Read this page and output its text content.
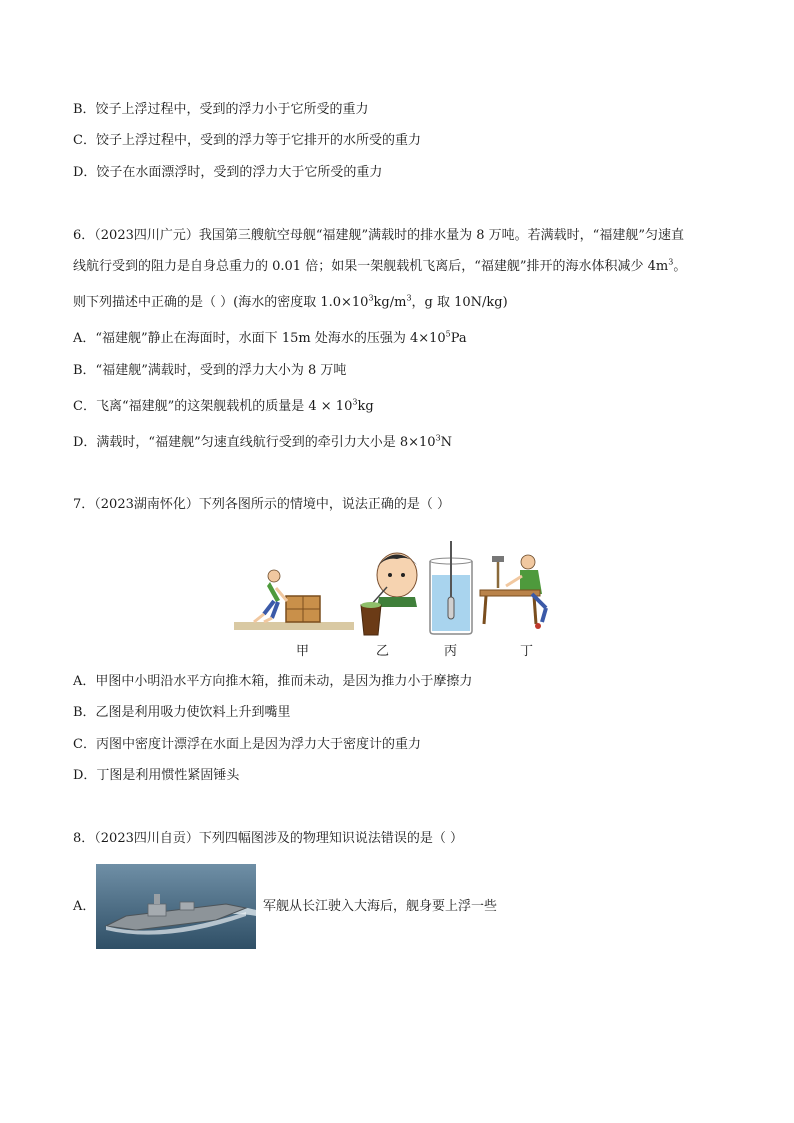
B．饺子上浮过程中，受到的浮力小于它所受的重力
C．饺子上浮过程中，受到的浮力等于它排开的水所受的重力
D．饺子在水面漂浮时，受到的浮力大于它所受的重力
6．（2023四川广元）我国第三艘航空母舰“福建舰”满载时的排水量为 8 万吨。若满载时，“福建舰”匀速直
线航行受到的阻力是自身总重力的 0.01 倍；如果一架舰载机飞离后，“福建舰”排开的海水体积减少 $4m^3$。
则下列描述中正确的是（ ）(海水的密度取 $1.0\times 10^3kg/m^3$，g 取 10N/kg)
A．“福建舰”静止在海面时，水面下 15m 处海水的压强为 $4\times 10^5Pa$
B．“福建舰”满载时，受到的浮力大小为 8 万吨
C．飞离“福建舰”的这架舰载机的质量是 $4 \times 10^3kg$
D．满载时，“福建舰”匀速直线航行受到的牵引力大小是 $8\times 10^3N$
7．（2023湖南怀化）下列各图所示的情境中，说法正确的是（ ）
甲	乙	丙	丁
A．甲图中小明沿水平方向推木箱，推而未动，是因为推力小于摩擦力
B．乙图是利用吸力使饮料上升到嘴里
C．丙图中密度计漂浮在水面上是因为浮力大于密度计的重力
D．丁图是利用惯性紧固锤头
8．（2023四川自贡）下列四幅图涉及的物理知识说法错误的是（ ）
A．	军舰从长江驶入大海后，舰身要上浮一些
